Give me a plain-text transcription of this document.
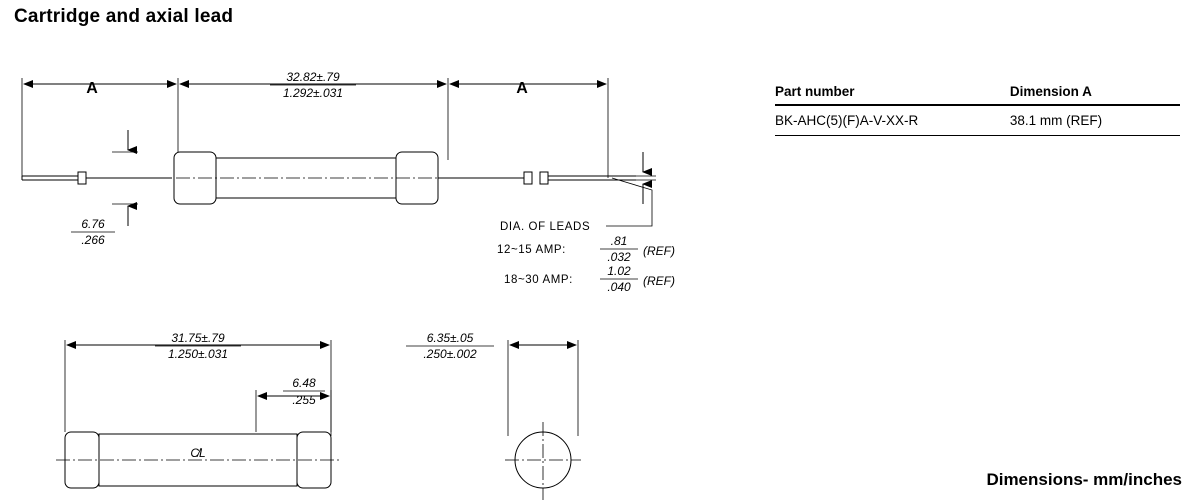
Cartridge and axial lead
A	A
32.82±.79
1.292±.031
6.76
.266
DIA. OF LEADS
12~15 AMP:
.81
.032 (REF)
18~30 AMP:
1.02
.040 (REF)
31.75±.79
1.250±.031
6.48
.255
C̸L
6.35±.05
.250±.002
Part number	Dimension A
BK-AHC(5)(F)A-V-XX-R	38.1 mm (REF)
Dimensions- mm/inches
